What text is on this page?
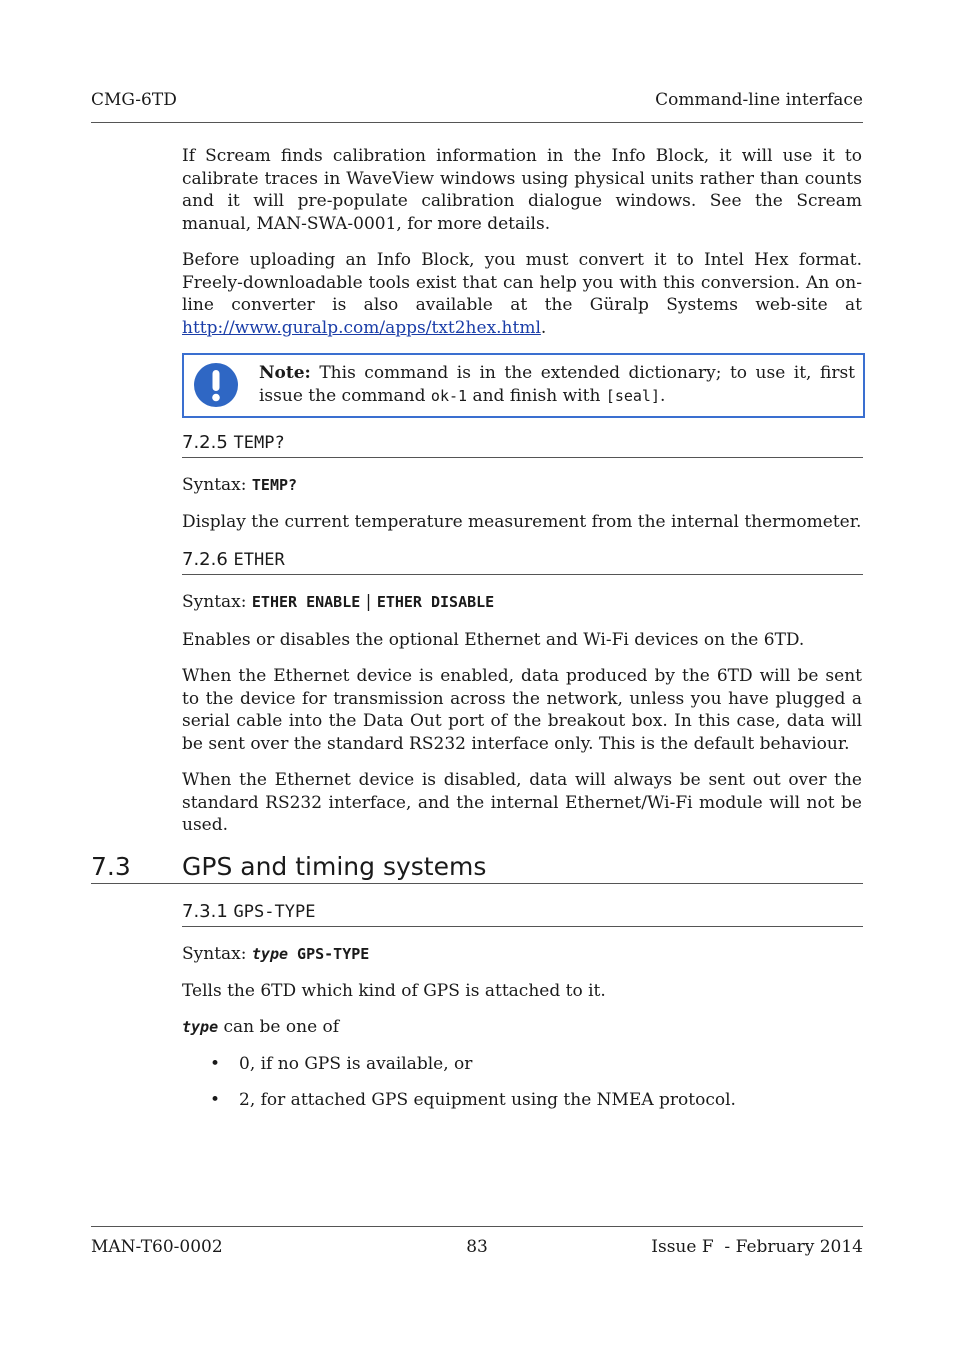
CMG-6TD	Command-line interface
If Scream finds calibration information in the Info Block, it will use it to calibrate traces in WaveView windows using physical units rather than counts and it will pre-populate calibration dialogue windows. See the Scream manual, MAN-SWA-0001, for more details.
Before uploading an Info Block, you must convert it to Intel Hex format. Freely-downloadable tools exist that can help you with this conversion. An on-line converter is also available at the Güralp Systems web-site at http://www.guralp.com/apps/txt2hex.html.
Note: This command is in the extended dictionary; to use it, first issue the command ok-1 and finish with [seal].
7.2.5 TEMP?
Syntax: TEMP?
Display the current temperature measurement from the internal thermometer.
7.2.6 ETHER
Syntax: ETHER ENABLE | ETHER DISABLE
Enables or disables the optional Ethernet and Wi-Fi devices on the 6TD.
When the Ethernet device is enabled, data produced by the 6TD will be sent to the device for transmission across the network, unless you have plugged a serial cable into the Data Out port of the breakout box. In this case, data will be sent over the standard RS232 interface only. This is the default behaviour.
When the Ethernet device is disabled, data will always be sent out over the standard RS232 interface, and the internal Ethernet/Wi-Fi module will not be used.
7.3 GPS and timing systems
7.3.1 GPS-TYPE
Syntax: type GPS-TYPE
Tells the 6TD which kind of GPS is attached to it.
type can be one of
• 0, if no GPS is available, or
• 2, for attached GPS equipment using the NMEA protocol.
MAN-T60-0002	83	Issue F  - February 2014
